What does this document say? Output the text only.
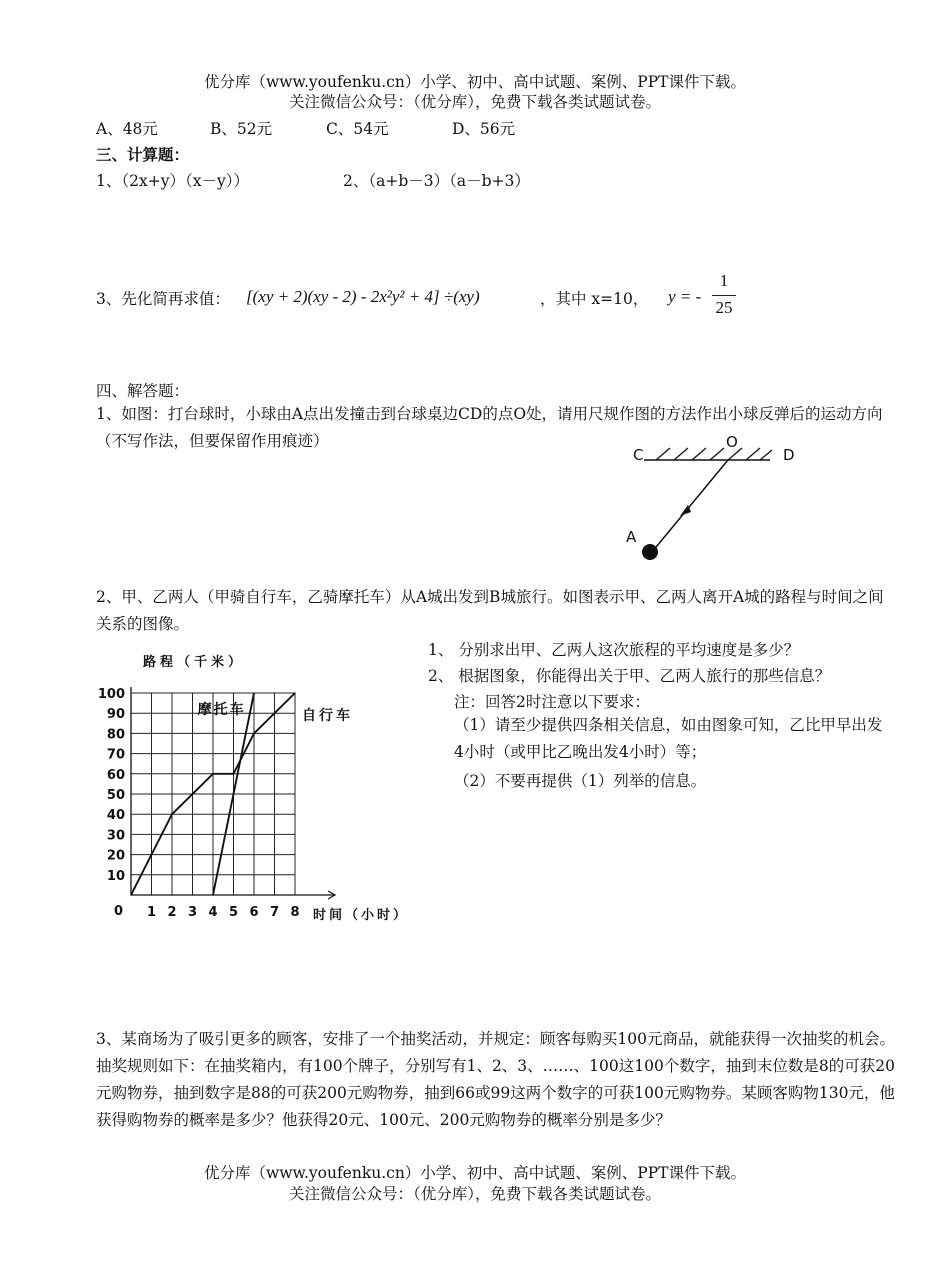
优分库（www.youfenku.cn）小学、初中、高中试题、案例、PPT课件下载。
关注微信公众号：（优分库），免费下载各类试题试卷。
A、48元	B、52元	C、54元	D、56元
三、计算题：
1、（2x+y）（x－y））	2、（a+b－3）（a－b+3）
3、先化简再求值： [(xy + 2)(xy - 2) - 2x²y² + 4] ÷(xy)	，其中 x=10， y = -
1
25
四、解答题：
1、如图：打台球时，小球由A点出发撞击到台球桌边CD的点O处，请用尺规作图的方法作出小球反弹后的运动方向（不写作法，但要保留作用痕迹）
C
O
D
A
2、甲、乙两人（甲骑自行车，乙骑摩托车）从A城出发到B城旅行。如图表示甲、乙两人离开A城的路程与时间之间关系的图像。
1、 分别求出甲、乙两人这次旅程的平均速度是多少？
2、 根据图象，你能得出关于甲、乙两人旅行的那些信息？
注：回答2时注意以下要求：
（1）请至少提供四条相关信息，如由图象可知，乙比甲早出发4小时（或甲比乙晚出发4小时）等；
（2）不要再提供（1）列举的信息。
1 2 3 4 5 6 7 8
10
20
30
40
50
60
70
80
90
100
0
路程（千米）
时间（小时）
自行车
摩托车
3、某商场为了吸引更多的顾客，安排了一个抽奖活动，并规定：顾客每购买100元商品，就能获得一次抽奖的机会。抽奖规则如下：在抽奖箱内，有100个牌子，分别写有1、2、3、……、100这100个数字，抽到末位数是8的可获20元购物券，抽到数字是88的可获200元购物券，抽到66或99这两个数字的可获100元购物券。某顾客购物130元，他获得购物券的概率是多少？他获得20元、100元、200元购物券的概率分别是多少？
优分库（www.youfenku.cn）小学、初中、高中试题、案例、PPT课件下载。
关注微信公众号：（优分库），免费下载各类试题试卷。
